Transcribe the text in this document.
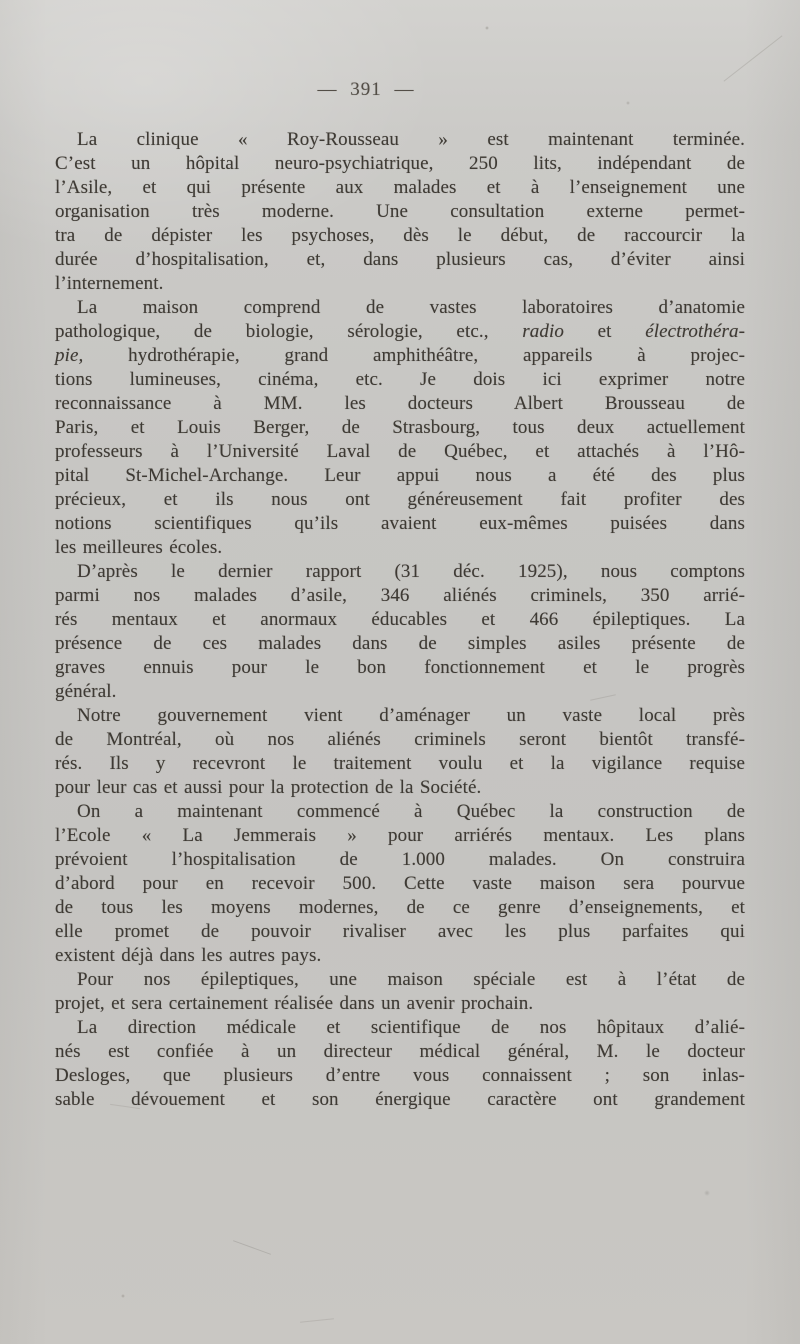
— 391 —
La clinique « Roy-Rousseau » est maintenant terminée.
C’est un hôpital neuro-psychiatrique, 250 lits, indépendant de
l’Asile, et qui présente aux malades et à l’enseignement une
organisation très moderne. Une consultation externe permet-
tra de dépister les psychoses, dès le début, de raccourcir la
durée d’hospitalisation, et, dans plusieurs cas, d’éviter ainsi
l’internement.
La maison comprend de vastes laboratoires d’anatomie
pathologique, de biologie, sérologie, etc., radio et électrothéra-
pie, hydrothérapie, grand amphithéâtre, appareils à projec-
tions lumineuses, cinéma, etc. Je dois ici exprimer notre
reconnaissance à MM. les docteurs Albert Brousseau de
Paris, et Louis Berger, de Strasbourg, tous deux actuellement
professeurs à l’Université Laval de Québec, et attachés à l’Hô-
pital St-Michel-Archange. Leur appui nous a été des plus
précieux, et ils nous ont généreusement fait profiter des
notions scientifiques qu’ils avaient eux-mêmes puisées dans
les meilleures écoles.
D’après le dernier rapport (31 déc. 1925), nous comptons
parmi nos malades d’asile, 346 aliénés criminels, 350 arrié-
rés mentaux et anormaux éducables et 466 épileptiques. La
présence de ces malades dans de simples asiles présente de
graves ennuis pour le bon fonctionnement et le progrès
général.
Notre gouvernement vient d’aménager un vaste local près
de Montréal, où nos aliénés criminels seront bientôt transfé-
rés. Ils y recevront le traitement voulu et la vigilance requise
pour leur cas et aussi pour la protection de la Société.
On a maintenant commencé à Québec la construction de
l’Ecole « La Jemmerais » pour arriérés mentaux. Les plans
prévoient l’hospitalisation de 1.000 malades. On construira
d’abord pour en recevoir 500. Cette vaste maison sera pourvue
de tous les moyens modernes, de ce genre d’enseignements, et
elle promet de pouvoir rivaliser avec les plus parfaites qui
existent déjà dans les autres pays.
Pour nos épileptiques, une maison spéciale est à l’état de
projet, et sera certainement réalisée dans un avenir prochain.
La direction médicale et scientifique de nos hôpitaux d’alié-
nés est confiée à un directeur médical général, M. le docteur
Desloges, que plusieurs d’entre vous connaissent ; son inlas-
sable dévouement et son énergique caractère ont grandement
